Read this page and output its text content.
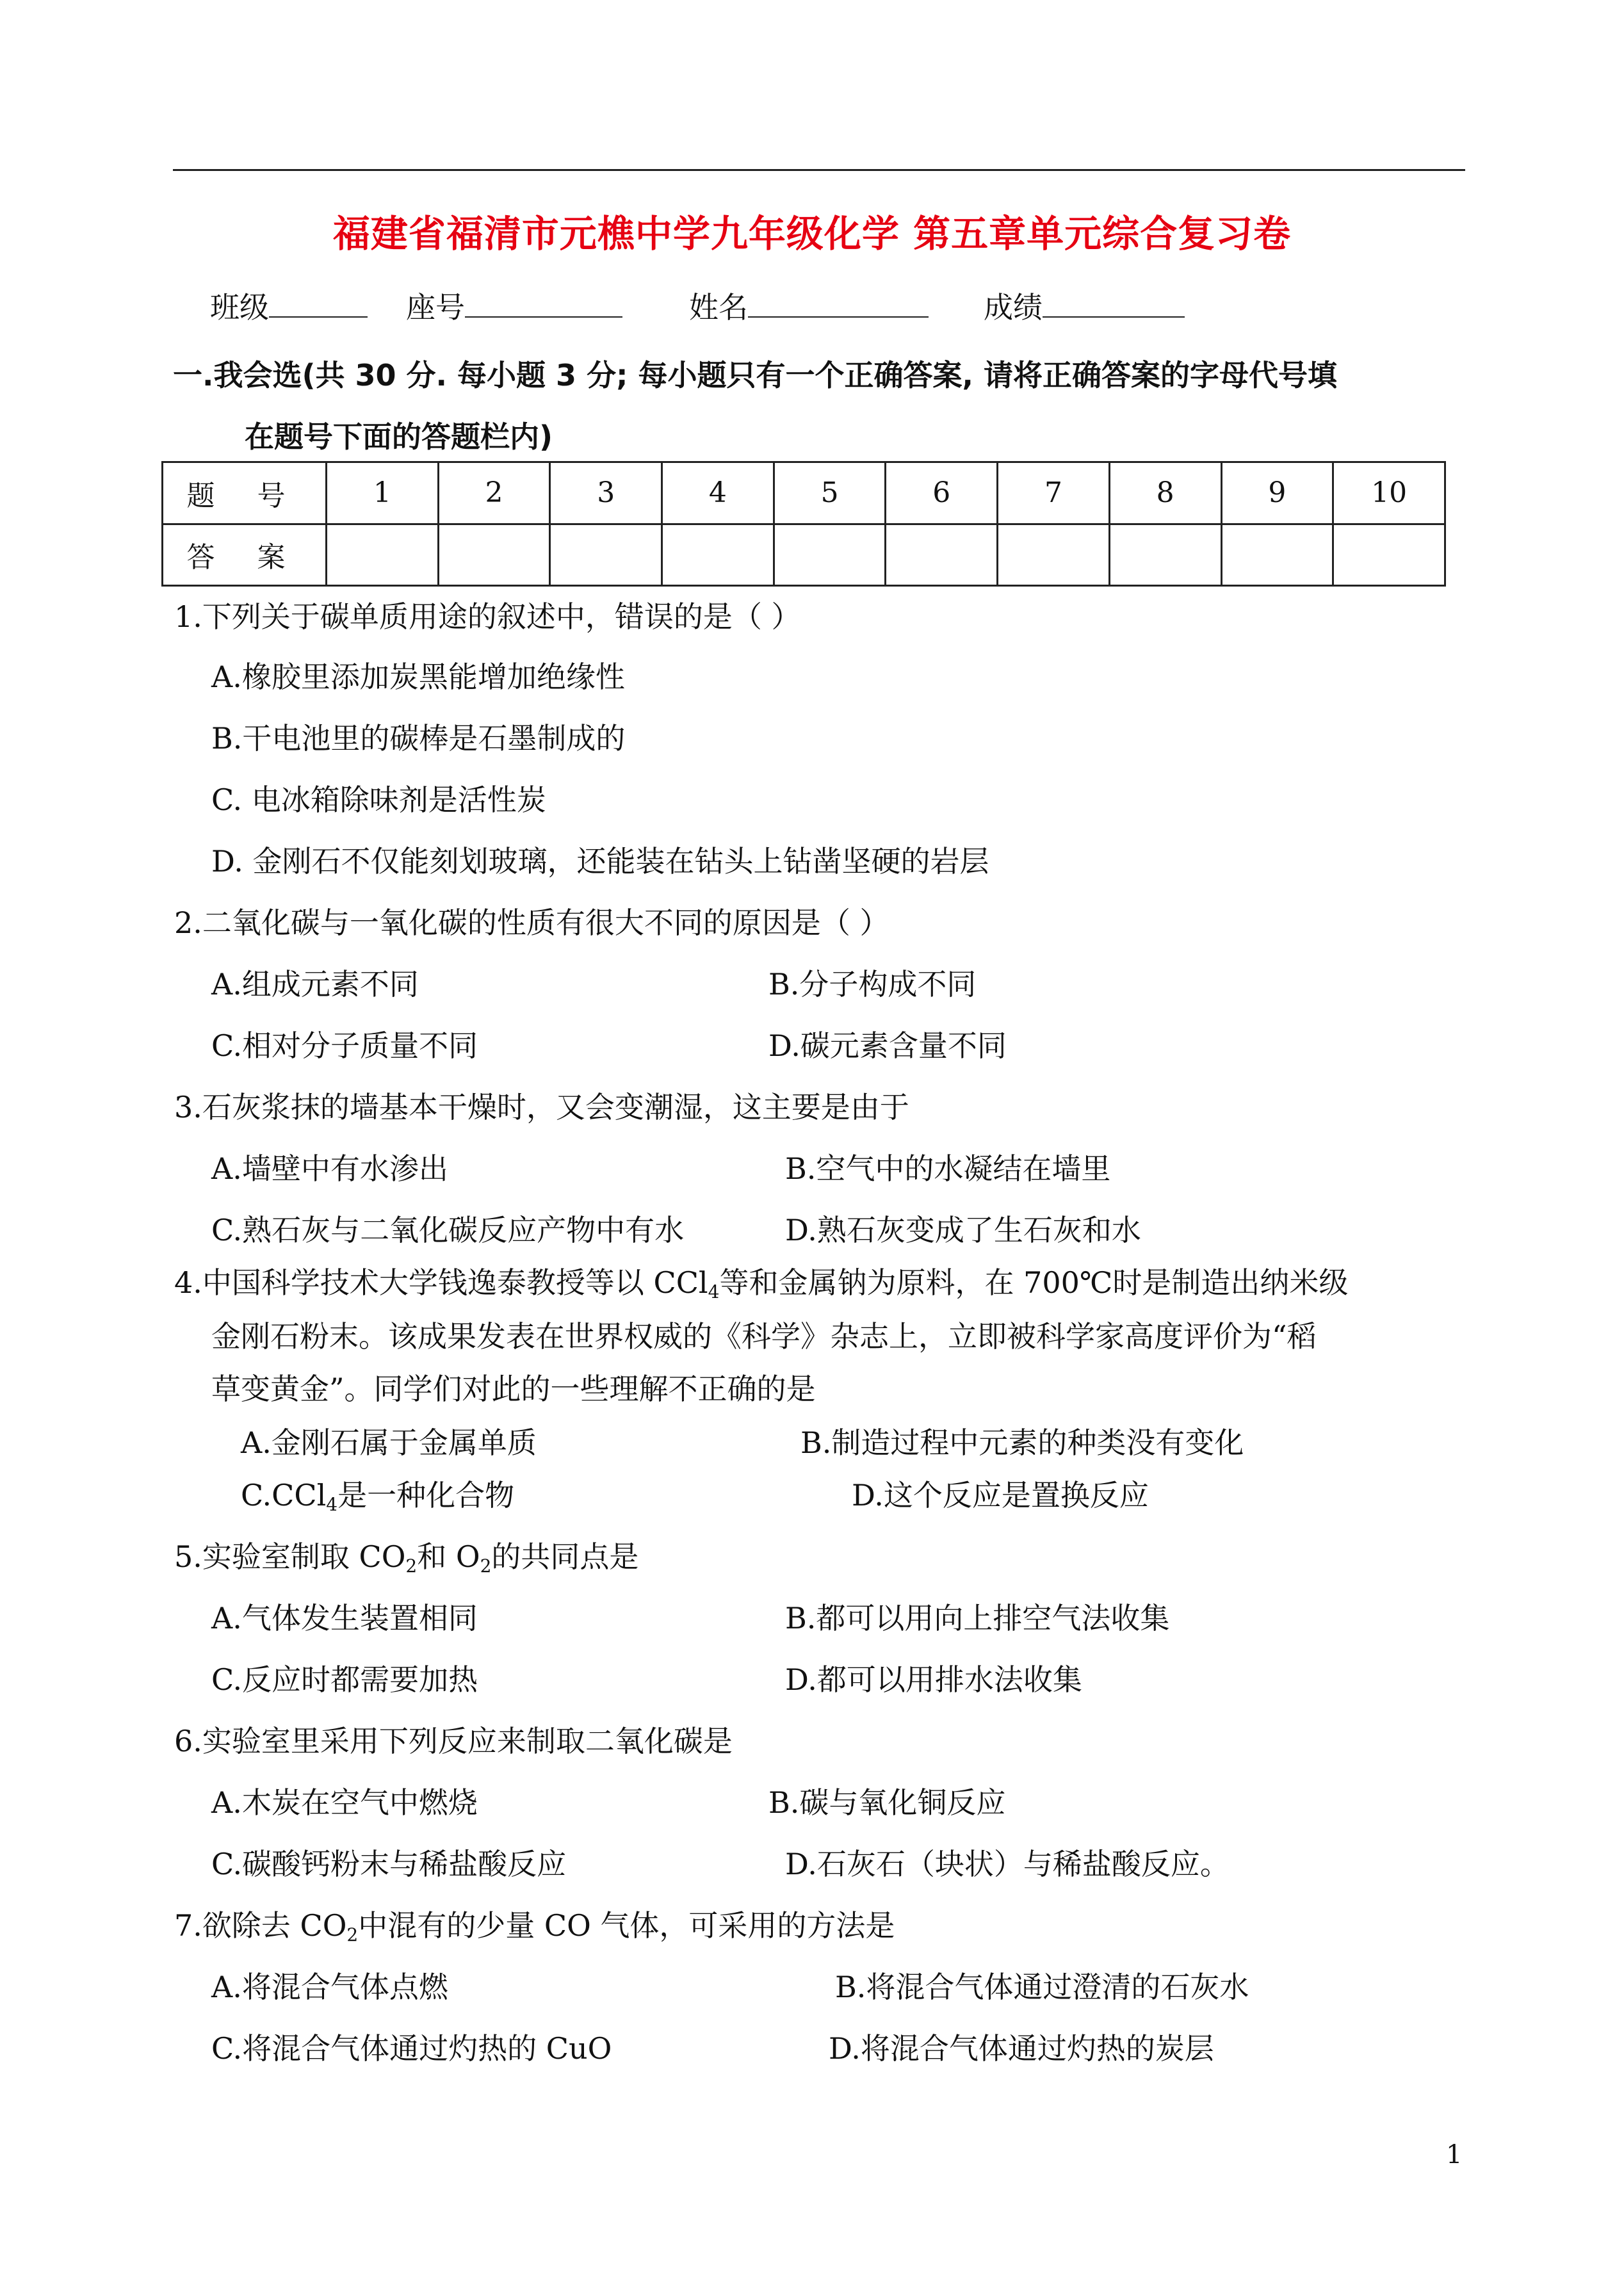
福建省福清市元樵中学九年级化学 第五章单元综合复习卷
班级	座号	姓名	成绩
一.我会选(共 30 分. 每小题 3 分; 每小题只有一个正确答案, 请将正确答案的字母代号填
在题号下面的答题栏内)
题 号	1	2	3	4	5	6	7	8	9	10
答 案										
1.下列关于碳单质用途的叙述中，错误的是（ ）
A.橡胶里添加炭黑能增加绝缘性
B.干电池里的碳棒是石墨制成的
C. 电冰箱除味剂是活性炭
D. 金刚石不仅能刻划玻璃，还能装在钻头上钻凿坚硬的岩层
2.二氧化碳与一氧化碳的性质有很大不同的原因是（ ）
A.组成元素不同	B.分子构成不同
C.相对分子质量不同	D.碳元素含量不同
3.石灰浆抹的墙基本干燥时，又会变潮湿，这主要是由于
A.墙壁中有水渗出	B.空气中的水凝结在墙里
C.熟石灰与二氧化碳反应产物中有水	D.熟石灰变成了生石灰和水
4.中国科学技术大学钱逸泰教授等以 CCl$_4$等和金属钠为原料，在 700℃时是制造出纳米级
金刚石粉末。该成果发表在世界权威的《科学》杂志上，立即被科学家高度评价为“稻
草变黄金”。同学们对此的一些理解不正确的是
A.金刚石属于金属单质	B.制造过程中元素的种类没有变化
C.CCl$_4$是一种化合物	D.这个反应是置换反应
5.实验室制取 $CO_2$和 $O_2$的共同点是
A.气体发生装置相同	B.都可以用向上排空气法收集
C.反应时都需要加热	D.都可以用排水法收集
6.实验室里采用下列反应来制取二氧化碳是
A.木炭在空气中燃烧	B.碳与氧化铜反应
C.碳酸钙粉末与稀盐酸反应	D.石灰石（块状）与稀盐酸反应。
7.欲除去 $CO_2$中混有的少量 CO 气体，可采用的方法是
A.将混合气体点燃	B.将混合气体通过澄清的石灰水
C.将混合气体通过灼热的 CuO	D.将混合气体通过灼热的炭层
1
